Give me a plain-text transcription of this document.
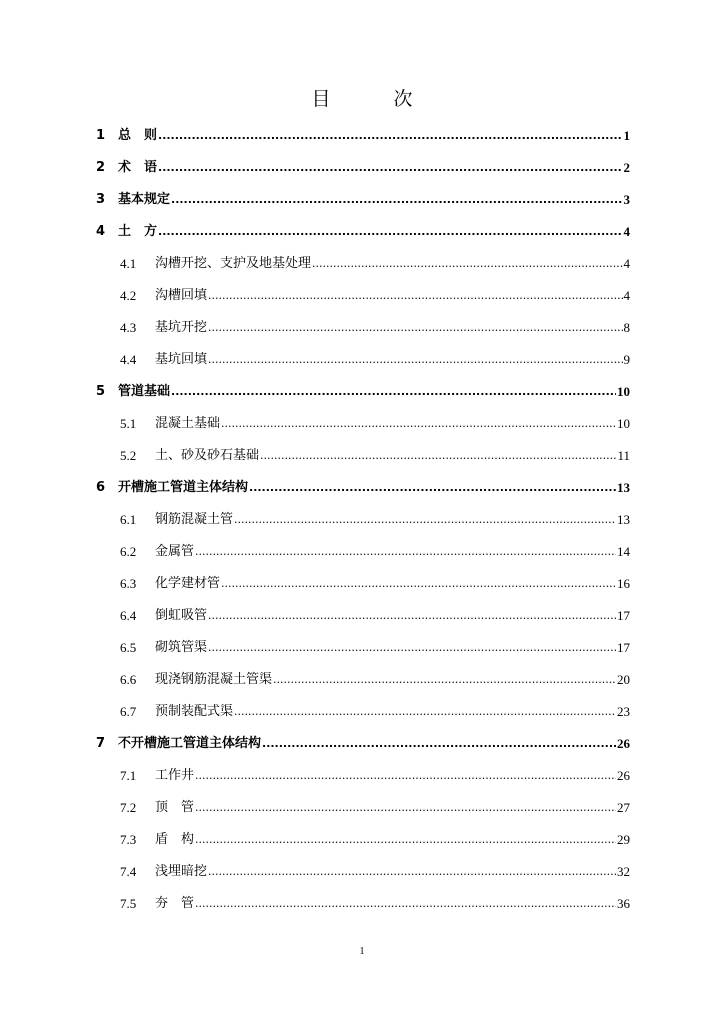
目　次
1 总　则 .....	1
2 术　语 .....	2
3 基本规定 .....	3
4 土　方 .....	4
4.1	沟槽开挖、支护及地基处理 .....	4
4.2	沟槽回填 .....	4
4.3	基坑开挖 .....	8
4.4	基坑回填 .....	9
5 管道基础 .....	10
5.1	混凝土基础 .....	10
5.2	土、砂及砂石基础 .....	11
6 开槽施工管道主体结构 .....	13
6.1	钢筋混凝土管 .....	13
6.2	金属管 .....	14
6.3	化学建材管 .....	16
6.4	倒虹吸管 .....	17
6.5	砌筑管渠 .....	17
6.6	现浇钢筋混凝土管渠 .....	20
6.7	预制装配式渠 .....	23
7 不开槽施工管道主体结构 .....	26
7.1	工作井 .....	26
7.2	顶　管 .....	27
7.3	盾　构 .....	29
7.4	浅埋暗挖 .....	32
7.5	夯　管 .....	36
1
